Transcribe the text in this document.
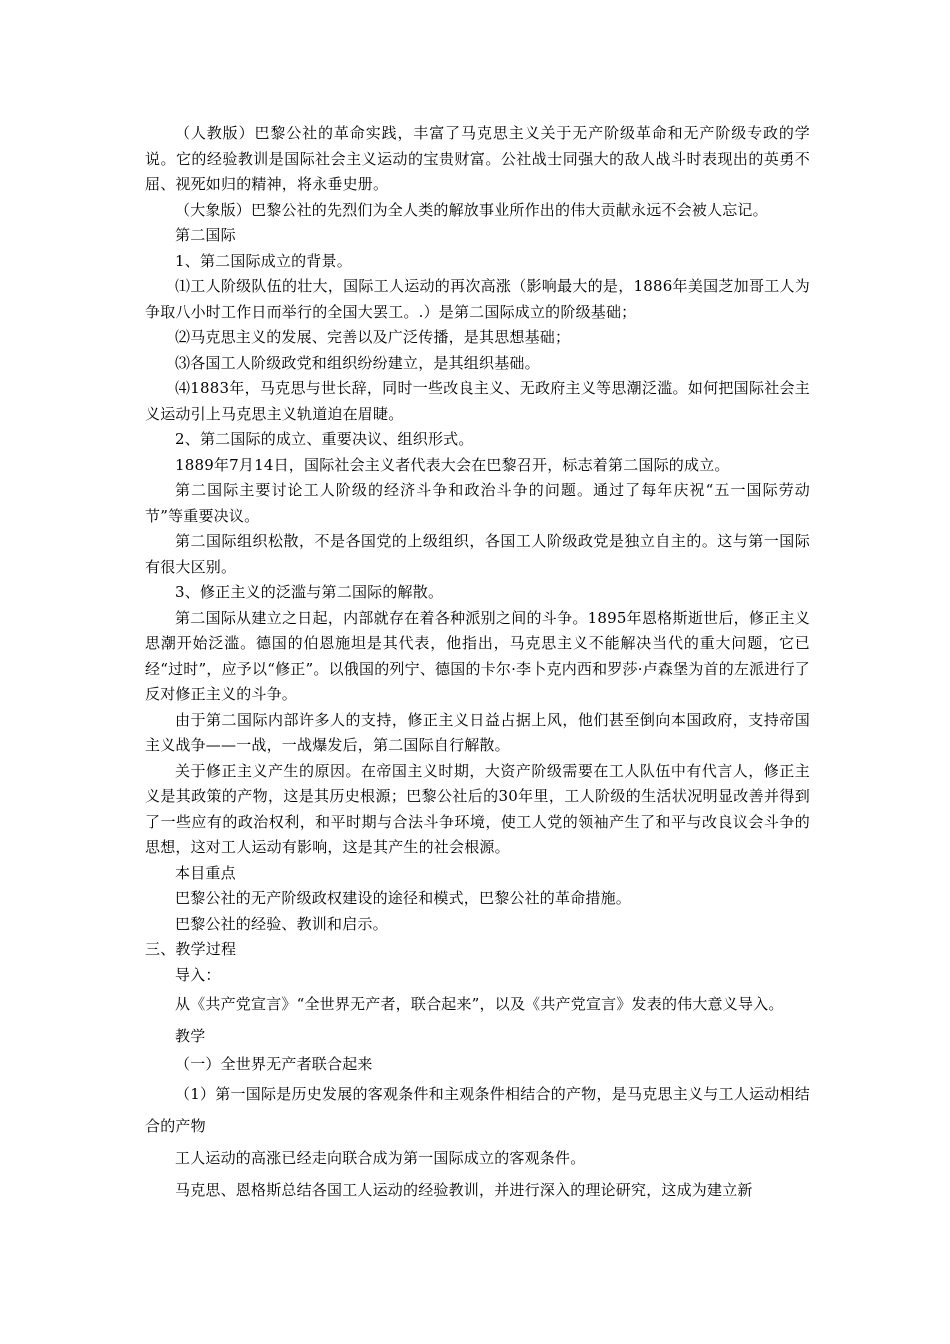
（人教版）巴黎公社的革命实践，丰富了马克思主义关于无产阶级革命和无产阶级专政的学说。它的经验教训是国际社会主义运动的宝贵财富。公社战士同强大的敌人战斗时表现出的英勇不屈、视死如归的精神，将永垂史册。

（大象版）巴黎公社的先烈们为全人类的解放事业所作出的伟大贡献永远不会被人忘记。

第二国际

1、第二国际成立的背景。

⑴工人阶级队伍的壮大，国际工人运动的再次高涨（影响最大的是，1886年美国芝加哥工人为争取八小时工作日而举行的全国大罢工。.）是第二国际成立的阶级基础；

⑵马克思主义的发展、完善以及广泛传播，是其思想基础；

⑶各国工人阶级政党和组织纷纷建立，是其组织基础。

⑷1883年，马克思与世长辞，同时一些改良主义、无政府主义等思潮泛滥。如何把国际社会主义运动引上马克思主义轨道迫在眉睫。

2、第二国际的成立、重要决议、组织形式。

1889年7月14日，国际社会主义者代表大会在巴黎召开，标志着第二国际的成立。

第二国际主要讨论工人阶级的经济斗争和政治斗争的问题。通过了每年庆祝“五一国际劳动节”等重要决议。

第二国际组织松散，不是各国党的上级组织，各国工人阶级政党是独立自主的。这与第一国际有很大区别。

3、修正主义的泛滥与第二国际的解散。

第二国际从建立之日起，内部就存在着各种派别之间的斗争。1895年恩格斯逝世后，修正主义思潮开始泛滥。德国的伯恩施坦是其代表，他指出，马克思主义不能解决当代的重大问题，它已经“过时”，应予以“修正”。以俄国的列宁、德国的卡尔·李卜克内西和罗莎·卢森堡为首的左派进行了反对修正主义的斗争。

由于第二国际内部许多人的支持，修正主义日益占据上风，他们甚至倒向本国政府，支持帝国主义战争——一战，一战爆发后，第二国际自行解散。

关于修正主义产生的原因。在帝国主义时期，大资产阶级需要在工人队伍中有代言人，修正主义是其政策的产物，这是其历史根源；巴黎公社后的30年里，工人阶级的生活状况明显改善并得到了一些应有的政治权利，和平时期与合法斗争环境，使工人党的领袖产生了和平与改良议会斗争的思想，这对工人运动有影响，这是其产生的社会根源。

本目重点

巴黎公社的无产阶级政权建设的途径和模式，巴黎公社的革命措施。

巴黎公社的经验、教训和启示。

三、教学过程

导入：

从《共产党宣言》“全世界无产者，联合起来”，以及《共产党宣言》发表的伟大意义导入。

教学

（一）全世界无产者联合起来

（1）第一国际是历史发展的客观条件和主观条件相结合的产物，是马克思主义与工人运动相结合的产物

工人运动的高涨已经走向联合成为第一国际成立的客观条件。

马克思、恩格斯总结各国工人运动的经验教训，并进行深入的理论研究，这成为建立新
